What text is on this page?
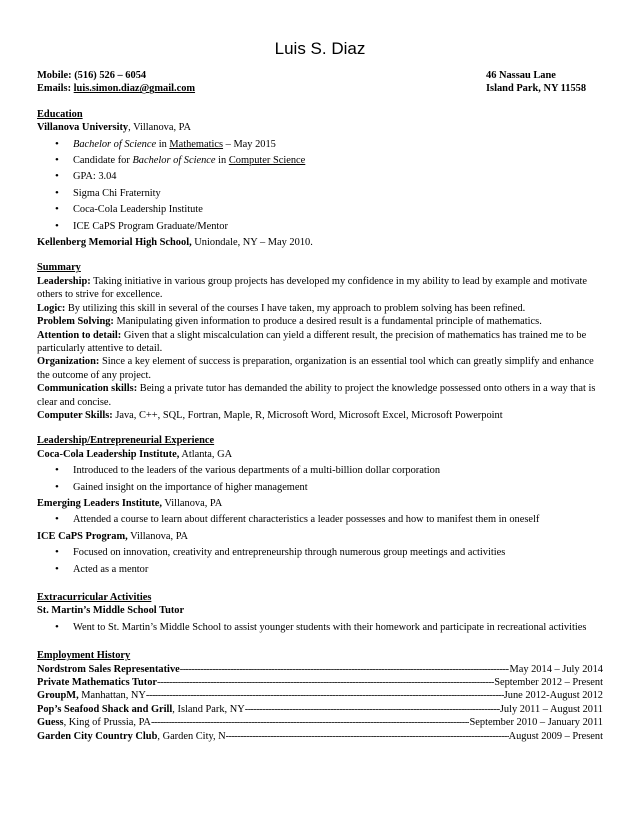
Luis S. Diaz
Mobile: (516) 526 – 6054
Emails: luis.simon.diaz@gmail.com
46 Nassau Lane
Island Park, NY 11558
Education
Villanova University, Villanova, PA
• Bachelor of Science in Mathematics – May 2015
• Candidate for Bachelor of Science in Computer Science
• GPA: 3.04
• Sigma Chi Fraternity
• Coca-Cola Leadership Institute
• ICE CaPS Program Graduate/Mentor
Kellenberg Memorial High School, Uniondale, NY – May 2010.
Summary

Leadership: Taking initiative in various group projects has developed my confidence in my ability to lead by example and motivate others to strive for excellence.

Logic: By utilizing this skill in several of the courses I have taken, my approach to problem solving has been refined.

Problem Solving: Manipulating given information to produce a desired result is a fundamental principle of mathematics.

Attention to detail: Given that a slight miscalculation can yield a different result, the precision of mathematics has trained me to be particularly attentive to detail.

Organization: Since a key element of success is preparation, organization is an essential tool which can greatly simplify and enhance the outcome of any project.

Communication skills: Being a private tutor has demanded the ability to project the knowledge possessed onto others in a way that is clear and concise.

Computer Skills: Java, C++, SQL, Fortran, Maple, R, Microsoft Word, Microsoft Excel, Microsoft Powerpoint

Leadership/Entrepreneurial Experience
Coca-Cola Leadership Institute, Atlanta, GA
• Introduced to the leaders of the various departments of a multi-billion dollar corporation
• Gained insight on the importance of higher management
Emerging Leaders Institute, Villanova, PA
• Attended a course to learn about different characteristics a leader possesses and how to manifest them in oneself
ICE CaPS Program, Villanova, PA
• Focused on innovation, creativity and entrepreneurship through numerous group meetings and activities
• Acted as a mentor
Extracurricular Activities
St. Martin’s Middle School Tutor
• Went to St. Martin’s Middle School to assist younger students with their homework and participate in recreational activities
Employment History
Nordstrom Sales Representative -----	May 2014 – July 2014
Private Mathematics Tutor -----	September 2012 – Present
GroupM, Manhattan, NY -----	June 2012-August 2012
Pop’s Seafood Shack and Grill, Island Park, NY -----	July 2011 – August 2011
Guess, King of Prussia, PA -----	September 2010 – January 2011
Garden City Country Club, Garden City, N -----	August 2009 – Present
